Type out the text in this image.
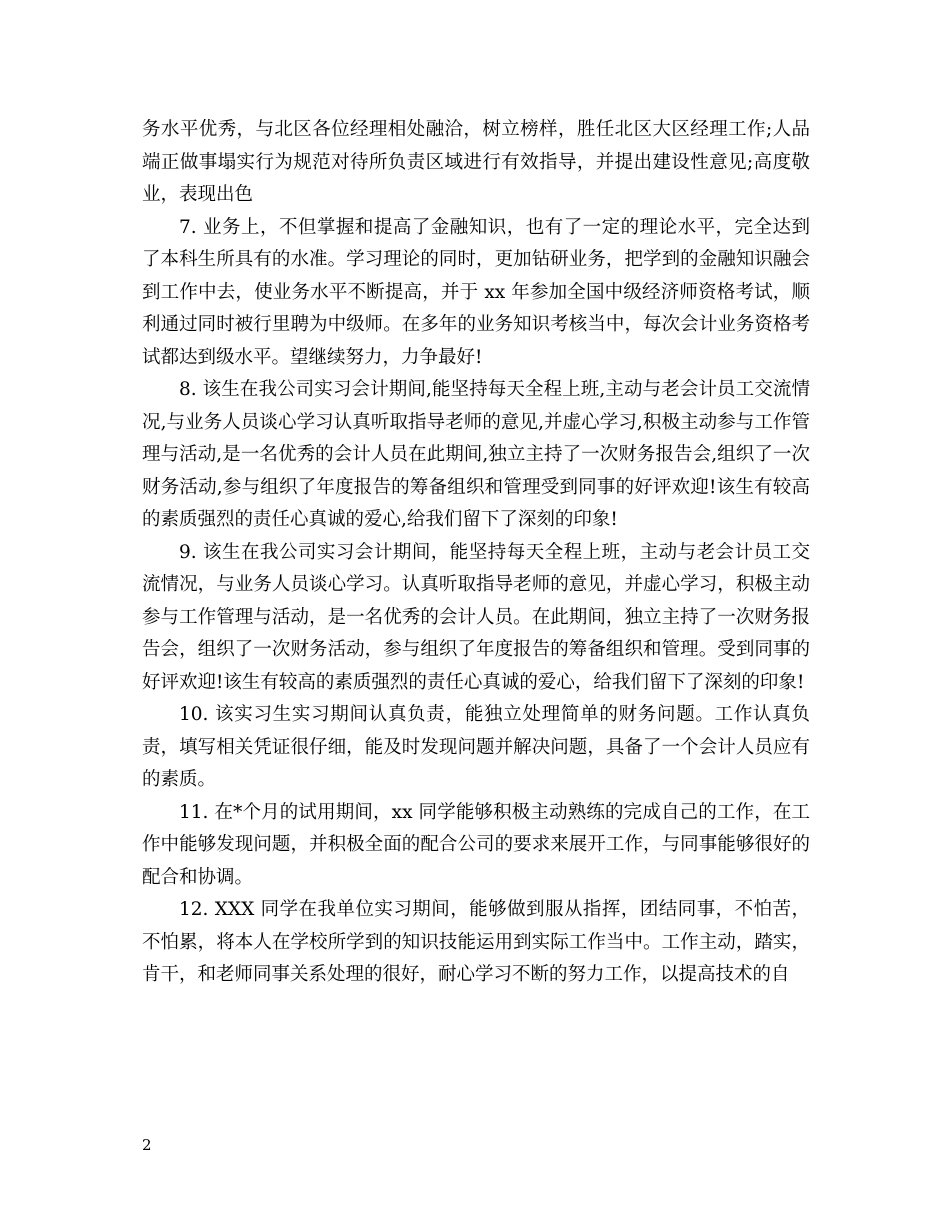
务水平优秀，与北区各位经理相处融洽，树立榜样，胜任北区大区经理工作;人品端正做事塌实行为规范对待所负责区域进行有效指导，并提出建设性意见;高度敬业，表现出色

7. 业务上，不但掌握和提高了金融知识，也有了一定的理论水平，完全达到了本科生所具有的水准。学习理论的同时，更加钻研业务，把学到的金融知识融会到工作中去，使业务水平不断提高，并于 xx 年参加全国中级经济师资格考试，顺利通过同时被行里聘为中级师。在多年的业务知识考核当中，每次会计业务资格考试都达到级水平。望继续努力，力争最好!

8. 该生在我公司实习会计期间,能坚持每天全程上班,主动与老会计员工交流情况,与业务人员谈心学习认真听取指导老师的意见,并虚心学习,积极主动参与工作管理与活动,是一名优秀的会计人员在此期间,独立主持了一次财务报告会,组织了一次财务活动,参与组织了年度报告的筹备组织和管理受到同事的好评欢迎!该生有较高的素质强烈的责任心真诚的爱心,给我们留下了深刻的印象!

9. 该生在我公司实习会计期间，能坚持每天全程上班，主动与老会计员工交流情况，与业务人员谈心学习。认真听取指导老师的意见，并虚心学习，积极主动参与工作管理与活动，是一名优秀的会计人员。在此期间，独立主持了一次财务报告会，组织了一次财务活动，参与组织了年度报告的筹备组织和管理。受到同事的好评欢迎!该生有较高的素质强烈的责任心真诚的爱心，给我们留下了深刻的印象!

10. 该实习生实习期间认真负责，能独立处理简单的财务问题。工作认真负责，填写相关凭证很仔细，能及时发现问题并解决问题，具备了一个会计人员应有的素质。

11. 在*个月的试用期间，xx 同学能够积极主动熟练的完成自己的工作，在工作中能够发现问题，并积极全面的配合公司的要求来展开工作，与同事能够很好的配合和协调。

12. XXX 同学在我单位实习期间，能够做到服从指挥，团结同事，不怕苦，不怕累，将本人在学校所学到的知识技能运用到实际工作当中。工作主动，踏实，肯干，和老师同事关系处理的很好，耐心学习不断的努力工作，以提高技术的自

2
